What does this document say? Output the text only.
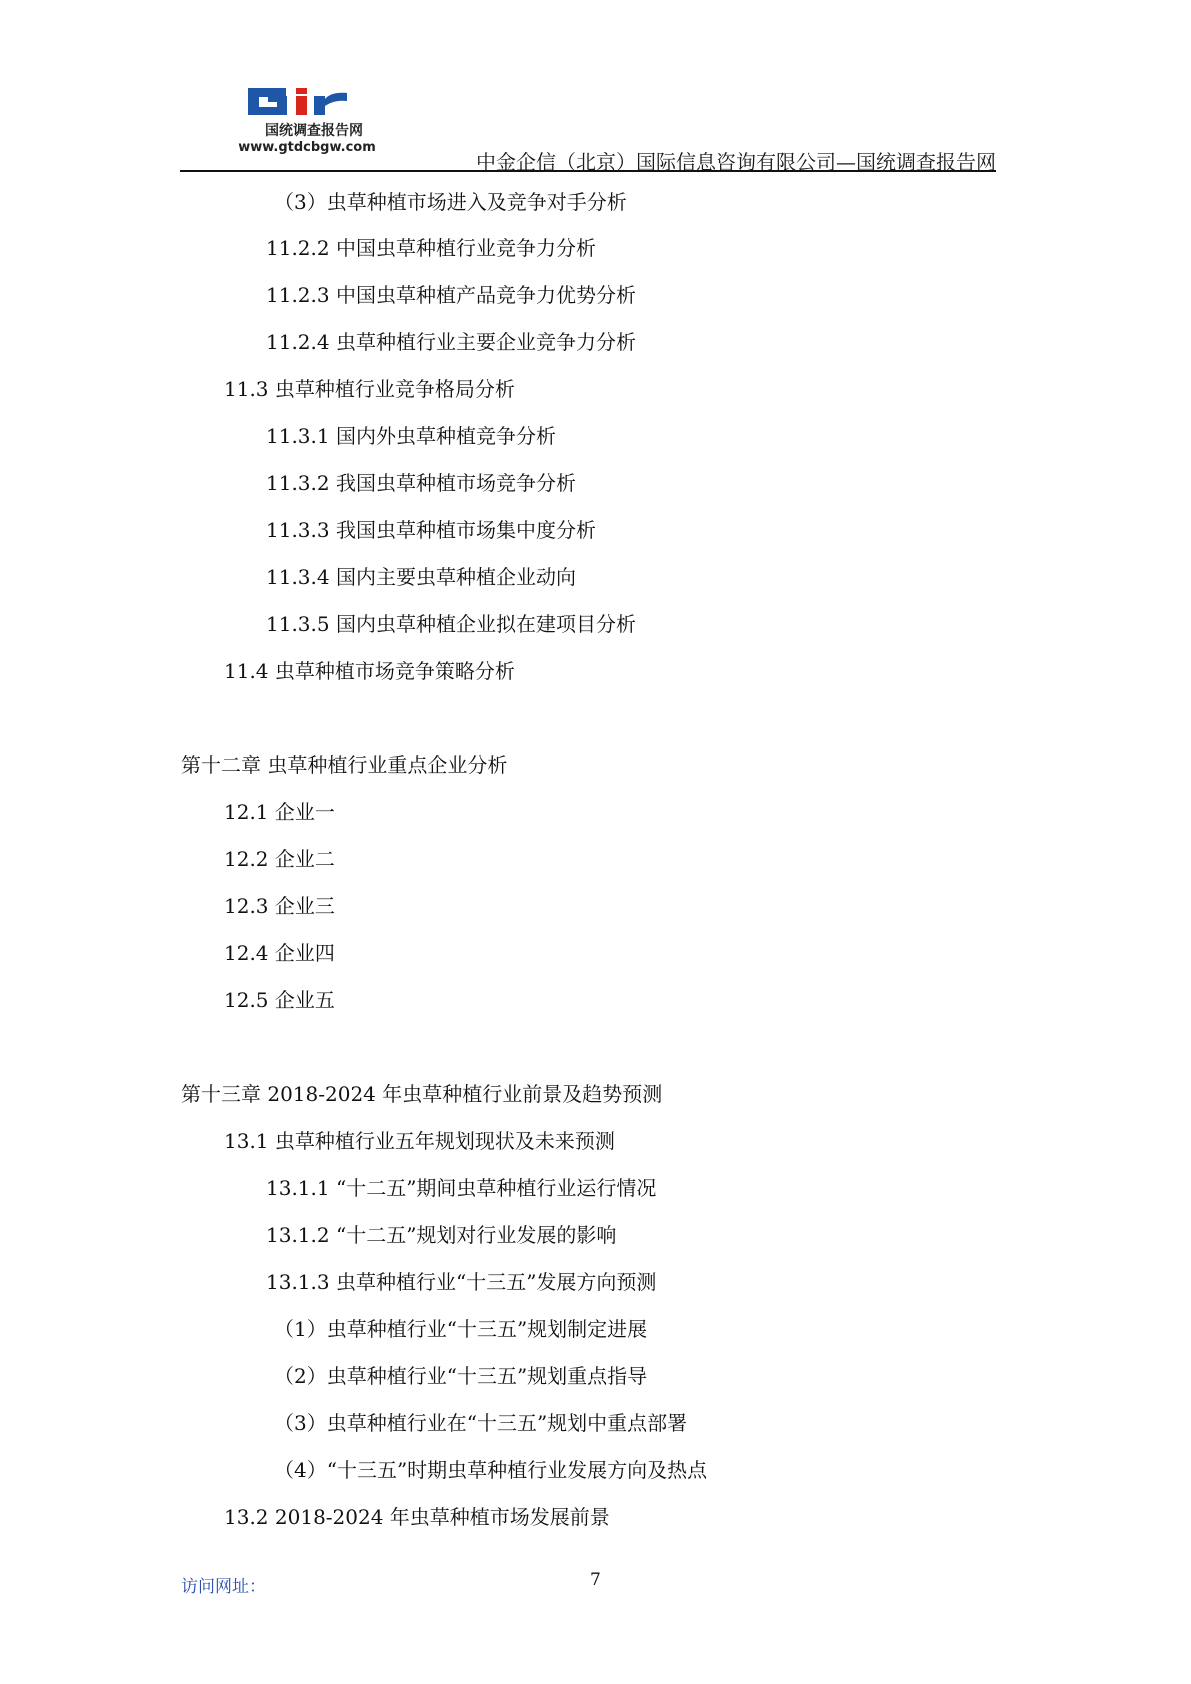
国统调查报告网
www.gtdcbgw.com
中金企信（北京）国际信息咨询有限公司—国统调查报告网
（3）虫草种植市场进入及竞争对手分析
11.2.2 中国虫草种植行业竞争力分析
11.2.3 中国虫草种植产品竞争力优势分析
11.2.4 虫草种植行业主要企业竞争力分析
11.3 虫草种植行业竞争格局分析
11.3.1 国内外虫草种植竞争分析
11.3.2 我国虫草种植市场竞争分析
11.3.3 我国虫草种植市场集中度分析
11.3.4 国内主要虫草种植企业动向
11.3.5 国内虫草种植企业拟在建项目分析
11.4 虫草种植市场竞争策略分析
第十二章 虫草种植行业重点企业分析
12.1 企业一
12.2 企业二
12.3 企业三
12.4 企业四
12.5 企业五
第十三章 2018-2024 年虫草种植行业前景及趋势预测
13.1 虫草种植行业五年规划现状及未来预测
13.1.1 “十二五”期间虫草种植行业运行情况
13.1.2 “十二五”规划对行业发展的影响
13.1.3 虫草种植行业“十三五”发展方向预测
（1）虫草种植行业“十三五”规划制定进展
（2）虫草种植行业“十三五”规划重点指导
（3）虫草种植行业在“十三五”规划中重点部署
（4）“十三五”时期虫草种植行业发展方向及热点
13.2 2018-2024 年虫草种植市场发展前景
访问网址：	7
